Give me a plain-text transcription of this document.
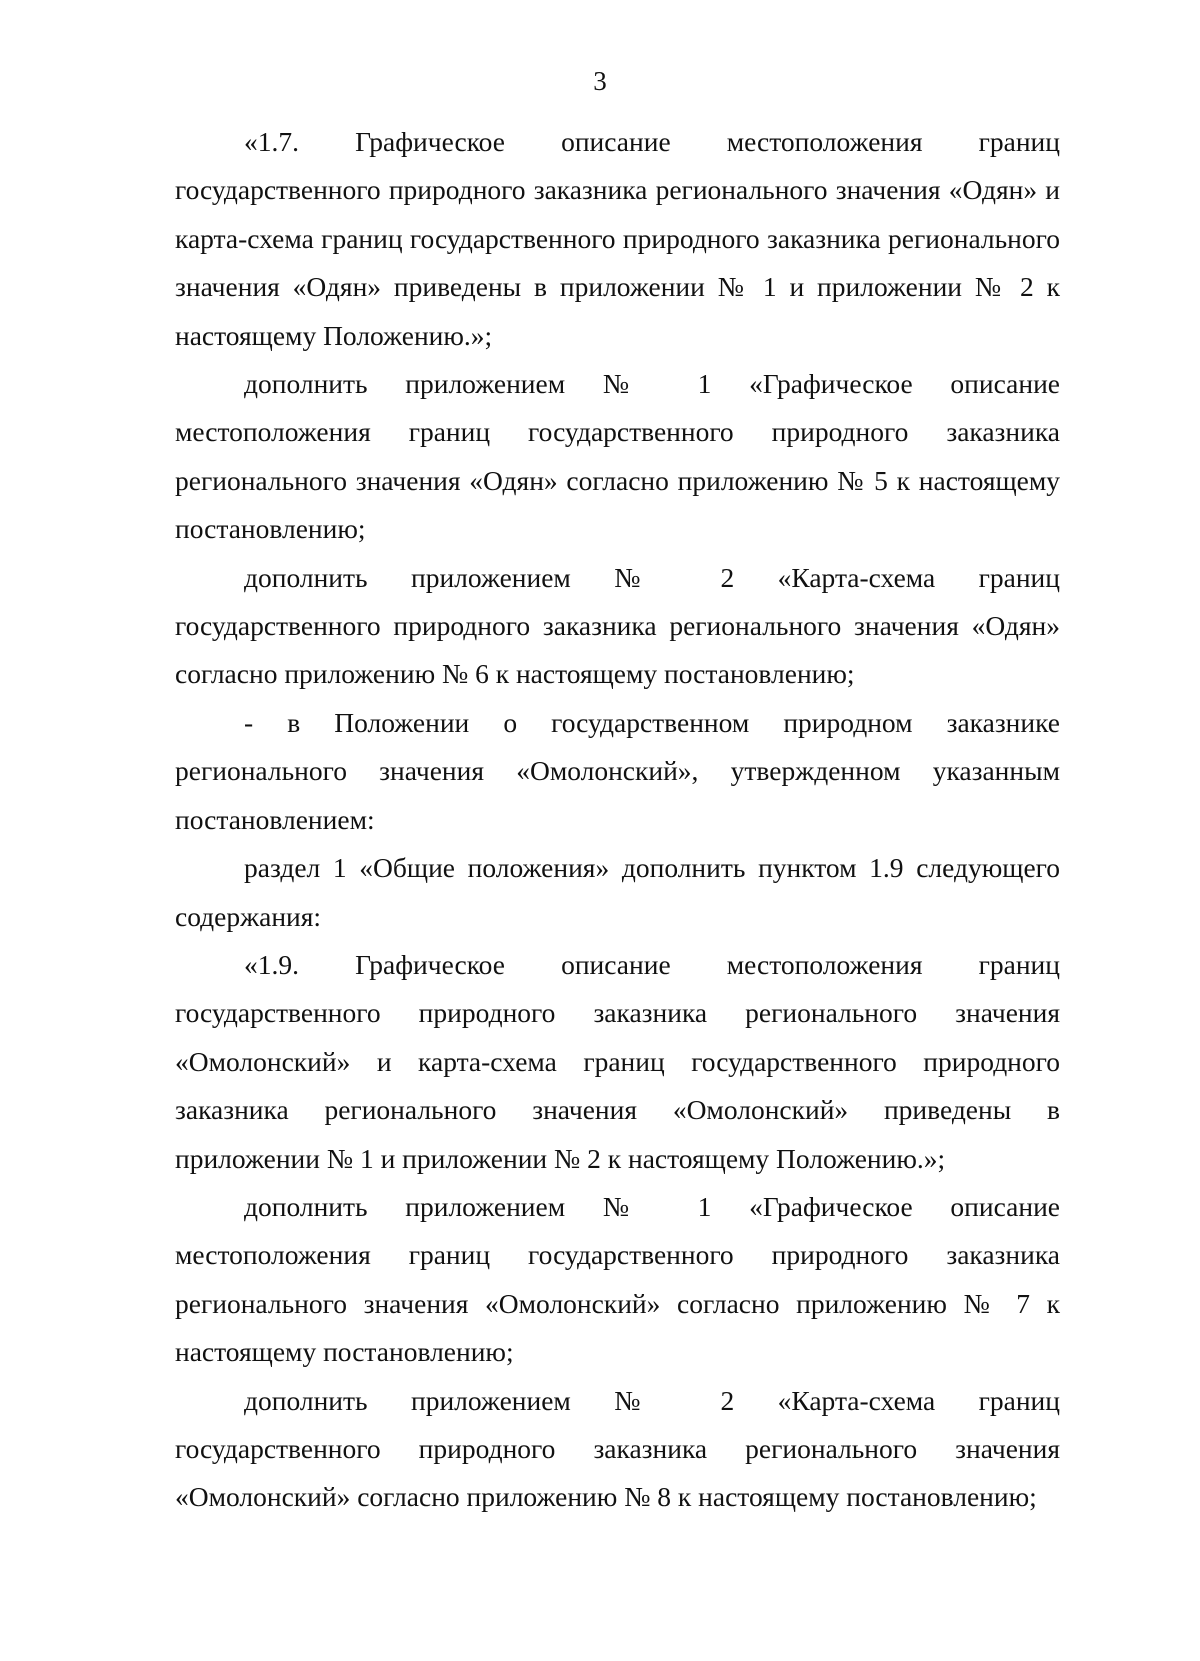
3

«1.7. Графическое описание местоположения границ

государственного природного заказника регионального значения «Одян» и карта-схема границ государственного природного заказника регионального значения «Одян» приведены в приложении № 1 и приложении № 2 к настоящему Положению.»;

дополнить приложением № 1 «Графическое описание

местоположения границ государственного природного заказника регионального значения «Одян» согласно приложению № 5 к настоящему постановлению;

дополнить приложением № 2 «Карта-схема границ

государственного природного заказника регионального значения «Одян» согласно приложению № 6 к настоящему постановлению;

- в Положении о государственном природном заказнике

регионального значения «Омолонский», утвержденном указанным постановлением:

раздел 1 «Общие положения» дополнить пунктом 1.9 следующего

содержания:

«1.9. Графическое описание местоположения границ

государственного природного заказника регионального значения «Омолонский» и карта-схема границ государственного природного заказника регионального значения «Омолонский» приведены в приложении № 1 и приложении № 2 к настоящему Положению.»;

дополнить приложением № 1 «Графическое описание

местоположения границ государственного природного заказника регионального значения «Омолонский» согласно приложению № 7 к настоящему постановлению;

дополнить приложением № 2 «Карта-схема границ

государственного природного заказника регионального значения «Омолонский» согласно приложению № 8 к настоящему постановлению;
